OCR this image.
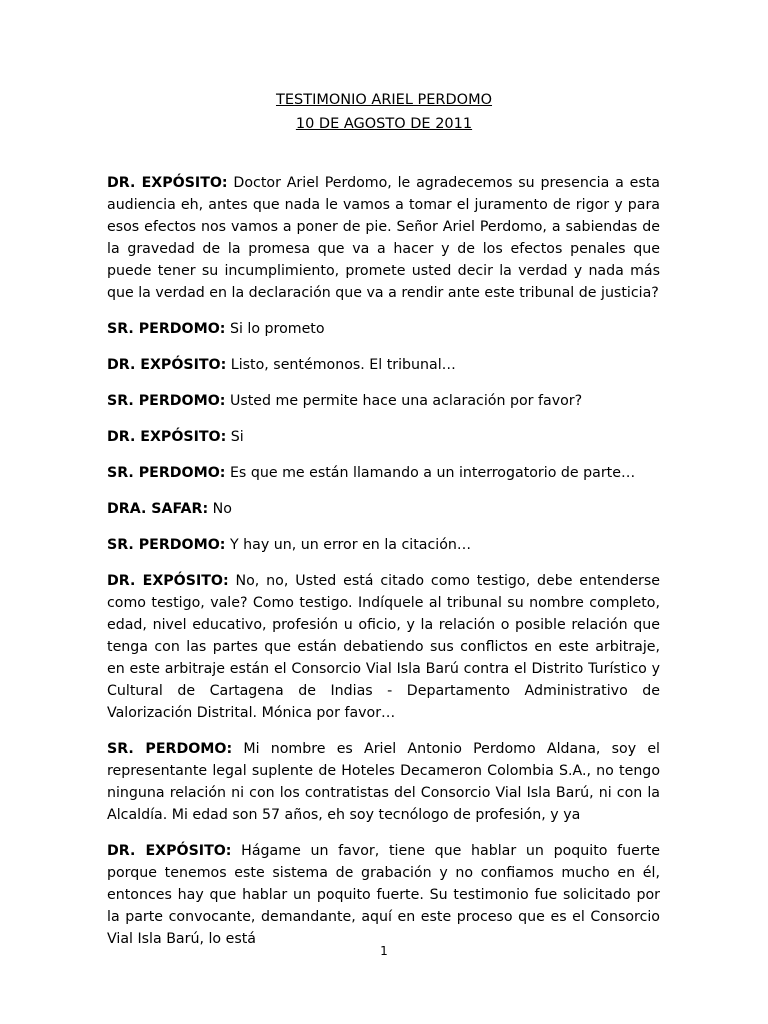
TESTIMONIO ARIEL PERDOMO
10 DE AGOSTO DE 2011

DR. EXPÓSITO: Doctor Ariel Perdomo, le agradecemos su presencia a esta audiencia eh, antes que nada le vamos a tomar el juramento de rigor y para esos efectos nos vamos a poner de pie. Señor Ariel Perdomo, a sabiendas de la gravedad de la promesa que va a hacer y de los efectos penales que puede tener su incumplimiento, promete usted decir la verdad y nada más que la verdad en la declaración que va a rendir ante este tribunal de justicia?

SR. PERDOMO: Si lo prometo

DR. EXPÓSITO: Listo, sentémonos. El tribunal…

SR. PERDOMO: Usted me permite hace una aclaración por favor?

DR. EXPÓSITO: Si

SR. PERDOMO: Es que me están llamando a un interrogatorio de parte…

DRA. SAFAR: No

SR. PERDOMO: Y hay un, un error en la citación…

DR. EXPÓSITO: No, no, Usted está citado como testigo, debe entenderse como testigo, vale? Como testigo. Indíquele al tribunal su nombre completo, edad, nivel educativo, profesión u oficio, y la relación o posible relación que tenga con las partes que están debatiendo sus conflictos en este arbitraje, en este arbitraje están el Consorcio Vial Isla Barú contra el Distrito Turístico y Cultural de Cartagena de Indias - Departamento Administrativo de Valorización Distrital. Mónica por favor…

SR. PERDOMO: Mi nombre es Ariel Antonio Perdomo Aldana, soy el representante legal suplente de Hoteles Decameron Colombia S.A., no tengo ninguna relación ni con los contratistas del Consorcio Vial Isla Barú, ni con la Alcaldía. Mi edad son 57 años, eh soy tecnólogo de profesión, y ya

DR. EXPÓSITO: Hágame un favor, tiene que hablar un poquito fuerte porque tenemos este sistema de grabación y no confiamos mucho en él, entonces hay que hablar un poquito fuerte. Su testimonio fue solicitado por la parte convocante, demandante, aquí en este proceso que es el Consorcio Vial Isla Barú, lo está

1
